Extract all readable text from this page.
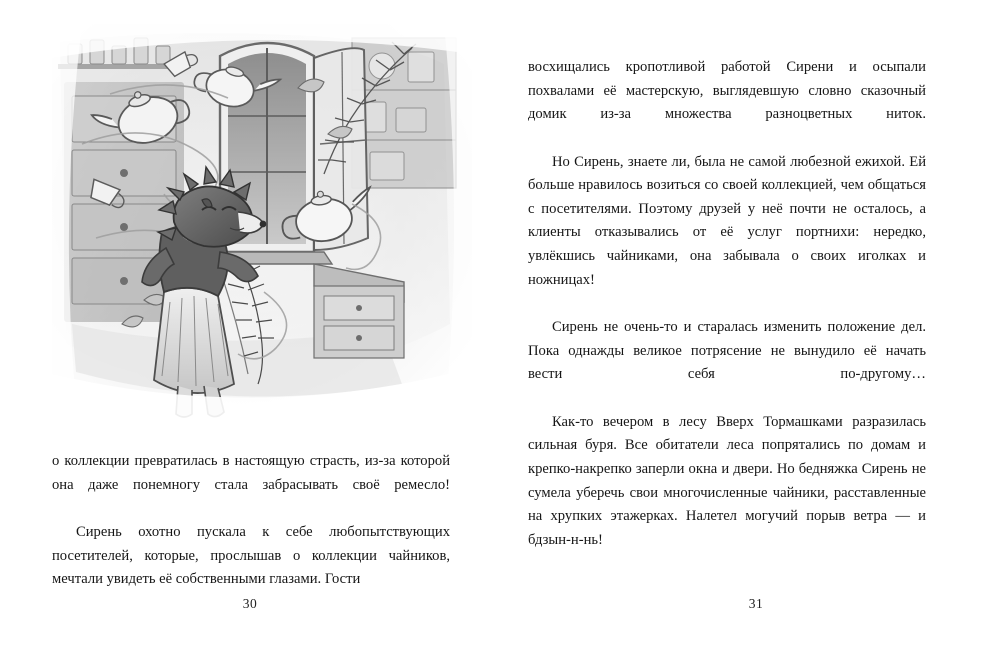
о коллекции превратилась в настоящую страсть, из-за которой она даже понемногу стала забрасывать своё ремесло!

Сирень охотно пускала к себе любопытствующих посетителей, которые, прослышав о коллекции чайников, мечтали увидеть её собственными глазами. Гости

30

восхищались кропотливой работой Сирени и осыпали похвалами её мастерскую, выглядевшую словно сказочный домик из-за множества разноцветных ниток.

Но Сирень, знаете ли, была не самой любезной ежихой. Ей больше нравилось возиться со своей коллекцией, чем общаться с посетителями. Поэтому друзей у неё почти не осталось, а клиенты отказывались от её услуг портнихи: нередко, увлёкшись чайниками, она забывала о своих иголках и ножницах!

Сирень не очень-то и старалась изменить положение дел. Пока однажды великое потрясение не вынудило её начать вести себя по-другому…

Как-то вечером в лесу Вверх Тормашками разразилась сильная буря. Все обитатели леса попрятались по домам и крепко-накрепко заперли окна и двери. Но бедняжка Сирень не сумела уберечь свои многочисленные чайники, расставленные на хрупких этажерках. Налетел могучий порыв ветра — и бдзын-н-нь!

31
